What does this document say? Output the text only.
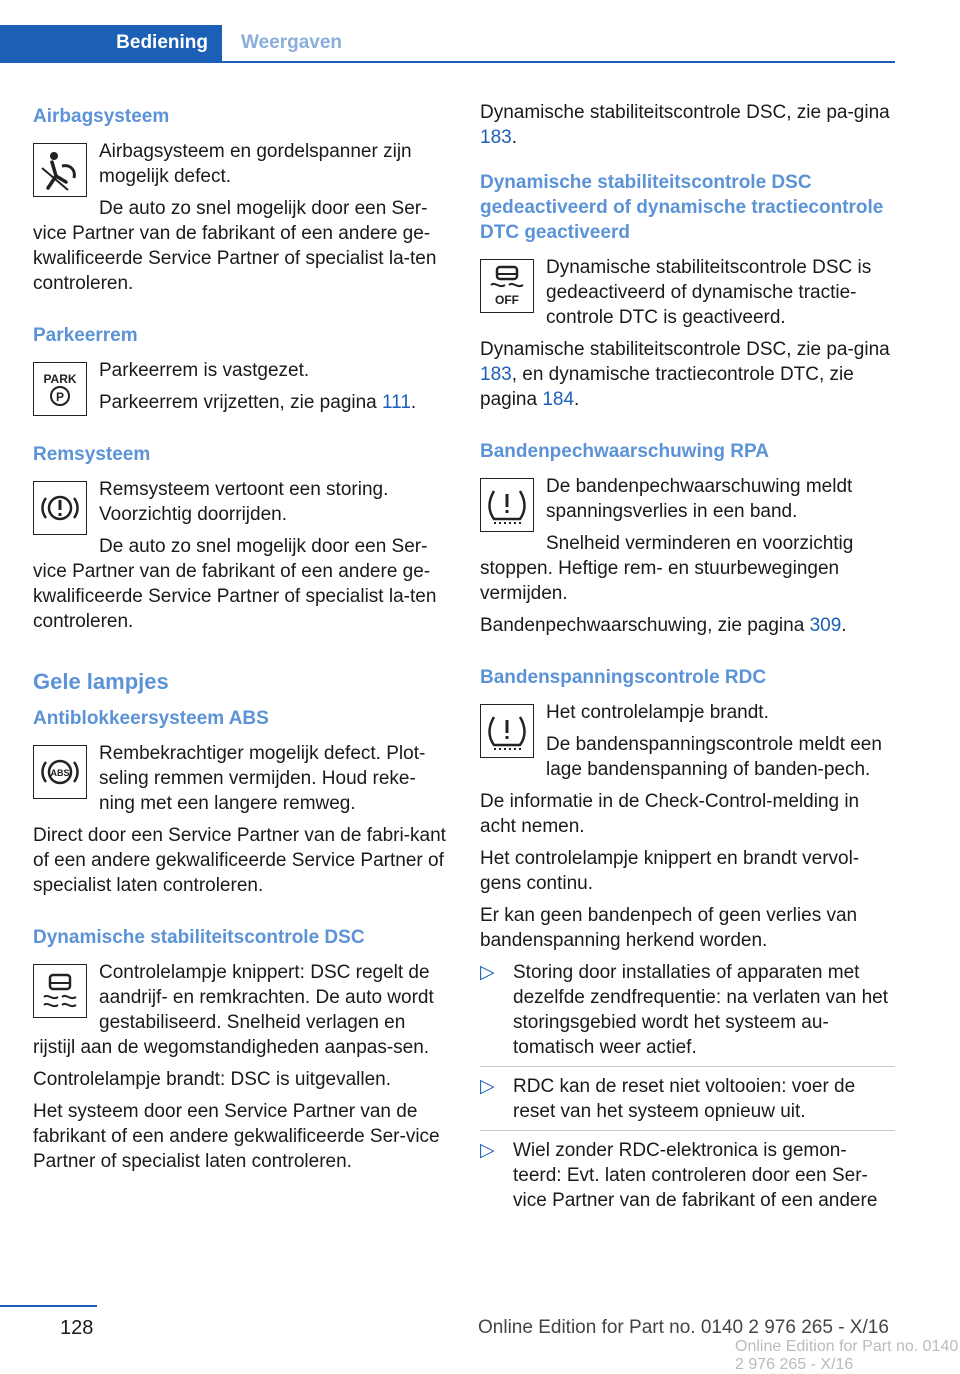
Bediening Weergaven
Airbagsysteem

Airbagsysteem en gordelspanner zijn mogelijk defect.

De auto zo snel mogelijk door een Ser‐vice Partner van de fabrikant of een andere ge‐kwalificeerde Service Partner of specialist la‐ten controleren.

Parkeerrem
PARK
P

Parkeerrem is vastgezet.

Parkeerrem vrijzetten, zie pagina 111.

Remsysteem

Remsysteem vertoont een storing. Voorzichtig doorrijden.

De auto zo snel mogelijk door een Ser‐vice Partner van de fabrikant of een andere ge‐kwalificeerde Service Partner of specialist la‐ten controleren.

Gele lampjes
Antiblokkeersysteem ABS
ABS

Rembekrachtiger mogelijk defect. Plot‐seling remmen vermijden. Houd reke‐ning met een langere remweg.

Direct door een Service Partner van de fabri‐kant of een andere gekwalificeerde Service Partner of specialist laten controleren.

Dynamische stabiliteitscontrole DSC

Controlelampje knippert: DSC regelt de aandrijf- en remkrachten. De auto wordt gestabiliseerd. Snelheid verlagen en rijstijl aan de wegomstandigheden aanpas‐sen.

Controlelampje brandt: DSC is uitgevallen.

Het systeem door een Service Partner van de fabrikant of een andere gekwalificeerde Ser‐vice Partner of specialist laten controleren.

Dynamische stabiliteitscontrole DSC, zie pa‐gina 183.

Dynamische stabiliteitscontrole DSC gedeactiveerd of dynamische tractiecontrole DTC geactiveerd
OFF

Dynamische stabiliteitscontrole DSC is gedeactiveerd of dynamische tractie‐controle DTC is geactiveerd.

Dynamische stabiliteitscontrole DSC, zie pa‐gina 183, en dynamische tractiecontrole DTC, zie pagina 184.

Bandenpechwaarschuwing RPA

De bandenpechwaarschuwing meldt spanningsverlies in een band.

Snelheid verminderen en voorzichtig stoppen. Heftige rem- en stuurbewegingen vermijden.

Bandenpechwaarschuwing, zie pagina 309.

Bandenspanningscontrole RDC

Het controlelampje brandt.

De bandenspanningscontrole meldt een lage bandenspanning of banden‐pech.

De informatie in de Check-Control-melding in acht nemen.

Het controlelampje knippert en brandt vervol‐gens continu.

Er kan geen bandenpech of geen verlies van bandenspanning herkend worden.

▷ Storing door installaties of apparaten met dezelfde zendfrequentie: na verlaten van het storingsgebied wordt het systeem au‐tomatisch weer actief.
▷ RDC kan de reset niet voltooien: voer de reset van het systeem opnieuw uit.
▷ Wiel zonder RDC-elektronica is gemon‐teerd: Evt. laten controleren door een Ser‐vice Partner van de fabrikant of een andere
128	Online Edition for Part no. 0140 2 976 265 - X/16
Online Edition for Part no. 0140 2 976 265 - X/16
